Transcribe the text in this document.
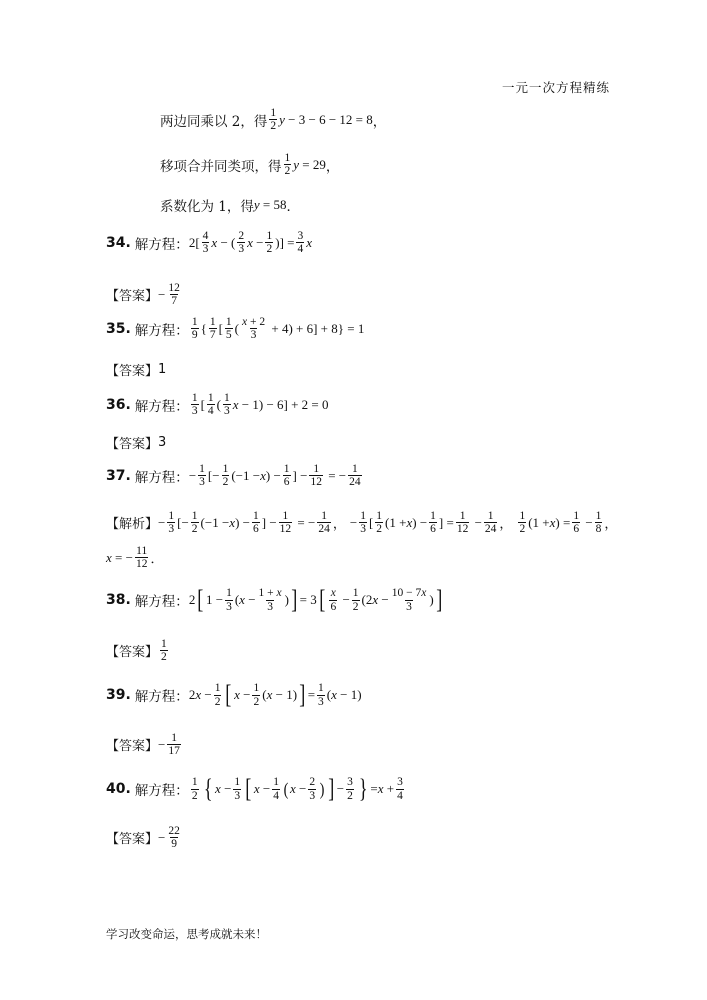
一元一次方程精练
两边同乘以 2，得 $\frac{1}{2}$ y − 3 − 6 − 12 = 8 ，
移项合并同类项，得 $\frac{1}{2}$ y = 29 ，
系数化为 1，得 y = 58 ．
34. 解方程： $2[ \frac{4}{3}$ x − ( $\frac{2}{3}$ $x - \frac{1}{2}$ )] = $\frac{3}{4}$ x
【答案】 − $\frac{12}{7}$
35. 解方程： $\frac{1}{9}$ { $\frac{1}{7}$ [ $\frac{1}{5}$ ( $\frac{x + 2}{3} + 4) + 6] + 8\} = 1$
【答案】 1
36. 解方程： $\frac{1}{3}$ [ $\frac{1}{4}$ ( $\frac{1}{3}$ x − 1) − 6] + 2 = 0
【答案】 3
37. 解方程： − $\frac{1}{3}$ [− $\frac{1}{2} (-1 - x$ ) − $\frac{1}{6}$ ] − $\frac{1}{12}$ = − $\frac{1}{24}$
【解析】 − $\frac{1}{3}$ [− $\frac{1}{2} (-1 - x$ ) − $\frac{1}{6}$ ] − $\frac{1}{12}$ = − $\frac{1}{24}$ ，
− $\frac{1}{3}$ [ $\frac{1}{2} (1 + x$ ) − $\frac{1}{6}$ ] = $\frac{1}{12} - \frac{1}{24}$ ， $\frac{1}{2} (1 + x$ ) = $\frac{1}{6} - \frac{1}{8}$ ，
x = − $\frac{11}{12}$ ．
38. 解方程： 2 [ $1 - \frac{1}{3}$ ( $x - \frac{1 + x}{3}$ ) ] = 3 [ $\frac{x}{6} - \frac{1}{2} (2$ $x - \frac{10 - 7x}{3}$ ) ]
【答案】 $\frac{1}{2}$
39. 解方程： 2 $x - \frac{1}{2}$ [ $x - \frac{1}{2}$ ( x − 1) ] = $\frac{1}{3}$ ( x − 1)
【答案】 − $\frac{1}{17}$
40. 解方程： $\frac{1}{2}$ { $x - \frac{1}{3}$ [ $x - \frac{1}{4}$ ( $x - \frac{2}{3}$ ) ] − $\frac{3}{2}$ } = $x + \frac{3}{4}$
【答案】 − $\frac{22}{9}$
学习改变命运，思考成就未来！
